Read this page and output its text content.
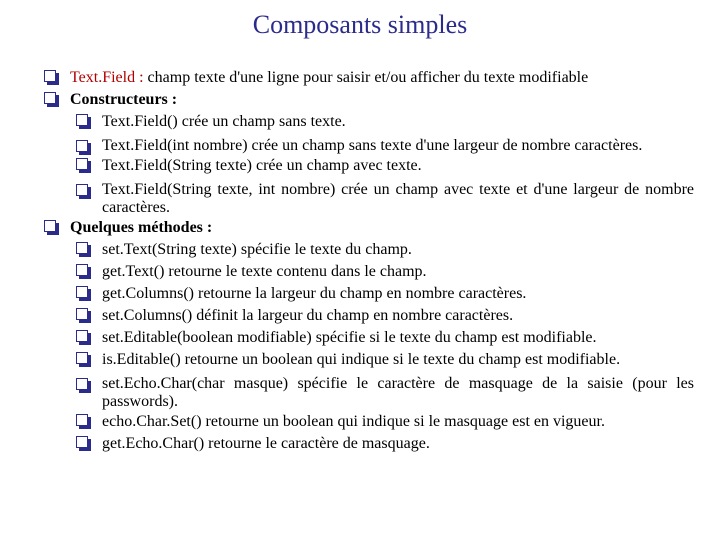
Composants simples
Text.Field : champ texte d'une ligne pour saisir et/ou afficher du texte modifiable
Constructeurs :
Text.Field() crée un champ sans texte.
Text.Field(int nombre) crée un champ sans texte d'une largeur de nombre caractères.
Text.Field(String texte) crée un champ avec texte.
Text.Field(String texte, int nombre) crée un champ avec texte et d'une largeur de nombre caractères.
Quelques méthodes :
set.Text(String texte) spécifie le texte du champ.
get.Text() retourne le texte contenu dans le champ.
get.Columns() retourne la largeur du champ en nombre caractères.
set.Columns() définit la largeur du champ en nombre caractères.
set.Editable(boolean modifiable) spécifie si le texte du champ est modifiable.
is.Editable() retourne un boolean qui indique si le texte du champ est modifiable.
set.Echo.Char(char masque) spécifie le caractère de masquage de la saisie (pour les passwords).
echo.Char.Set() retourne un boolean qui indique si le masquage est en vigueur.
get.Echo.Char() retourne le caractère de masquage.
